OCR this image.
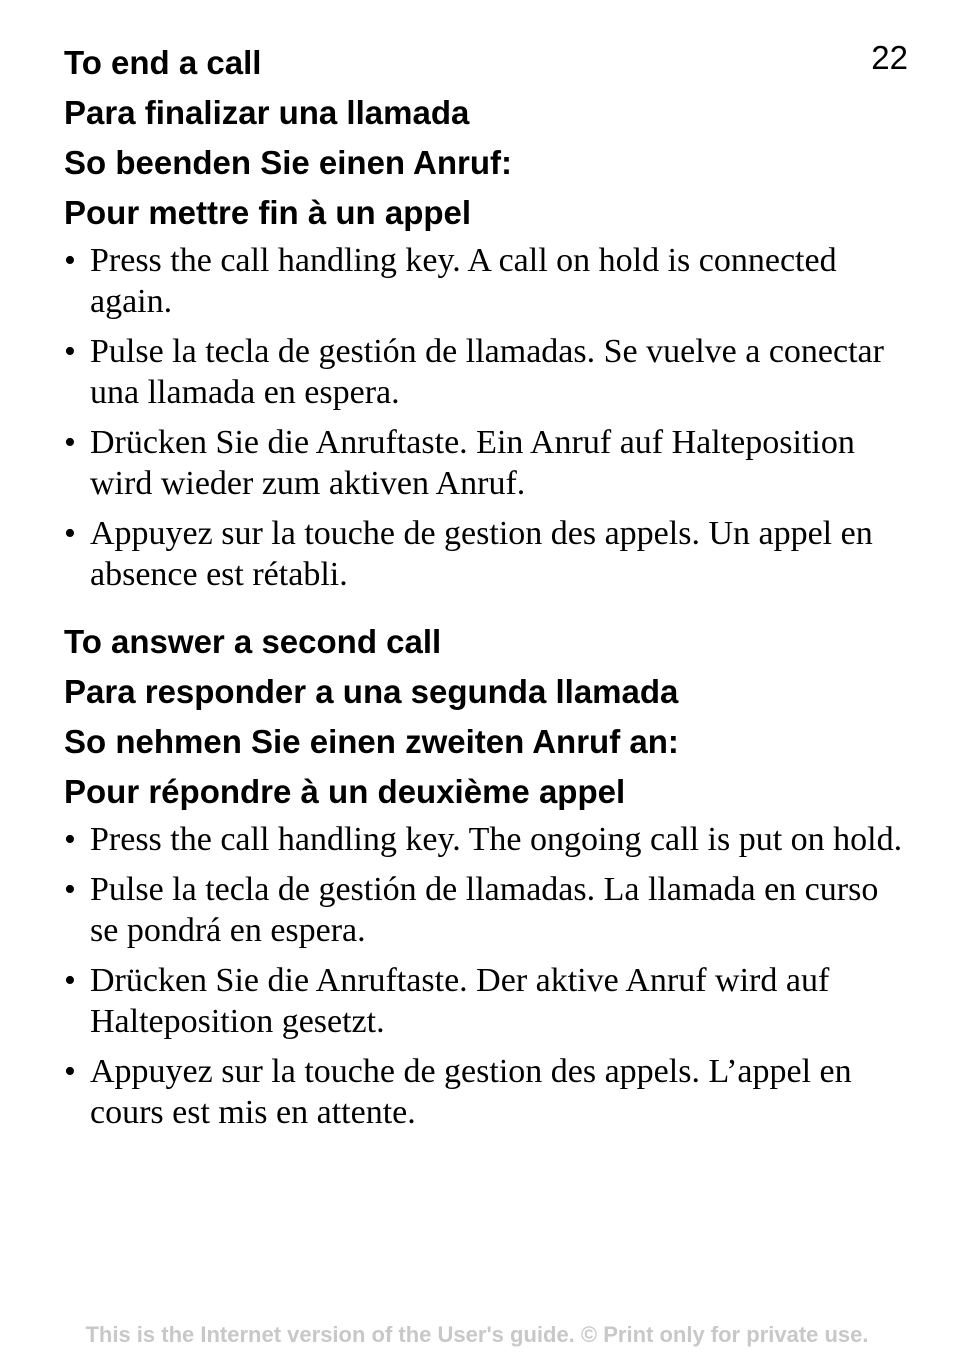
22
To end a call
Para finalizar una llamada
So beenden Sie einen Anruf:
Pour mettre fin à un appel
• Press the call handling key. A call on hold is connected again.
• Pulse la tecla de gestión de llamadas. Se vuelve a conectar una llamada en espera.
• Drücken Sie die Anruftaste. Ein Anruf auf Halteposition wird wieder zum aktiven Anruf.
• Appuyez sur la touche de gestion des appels. Un appel en absence est rétabli.
To answer a second call
Para responder a una segunda llamada
So nehmen Sie einen zweiten Anruf an:
Pour répondre à un deuxième appel
• Press the call handling key. The ongoing call is put on hold.
• Pulse la tecla de gestión de llamadas. La llamada en curso se pondrá en espera.
• Drücken Sie die Anruftaste. Der aktive Anruf wird auf Halteposition gesetzt.
• Appuyez sur la touche de gestion des appels. L’appel en cours est mis en attente.
This is the Internet version of the User's guide. © Print only for private use.
